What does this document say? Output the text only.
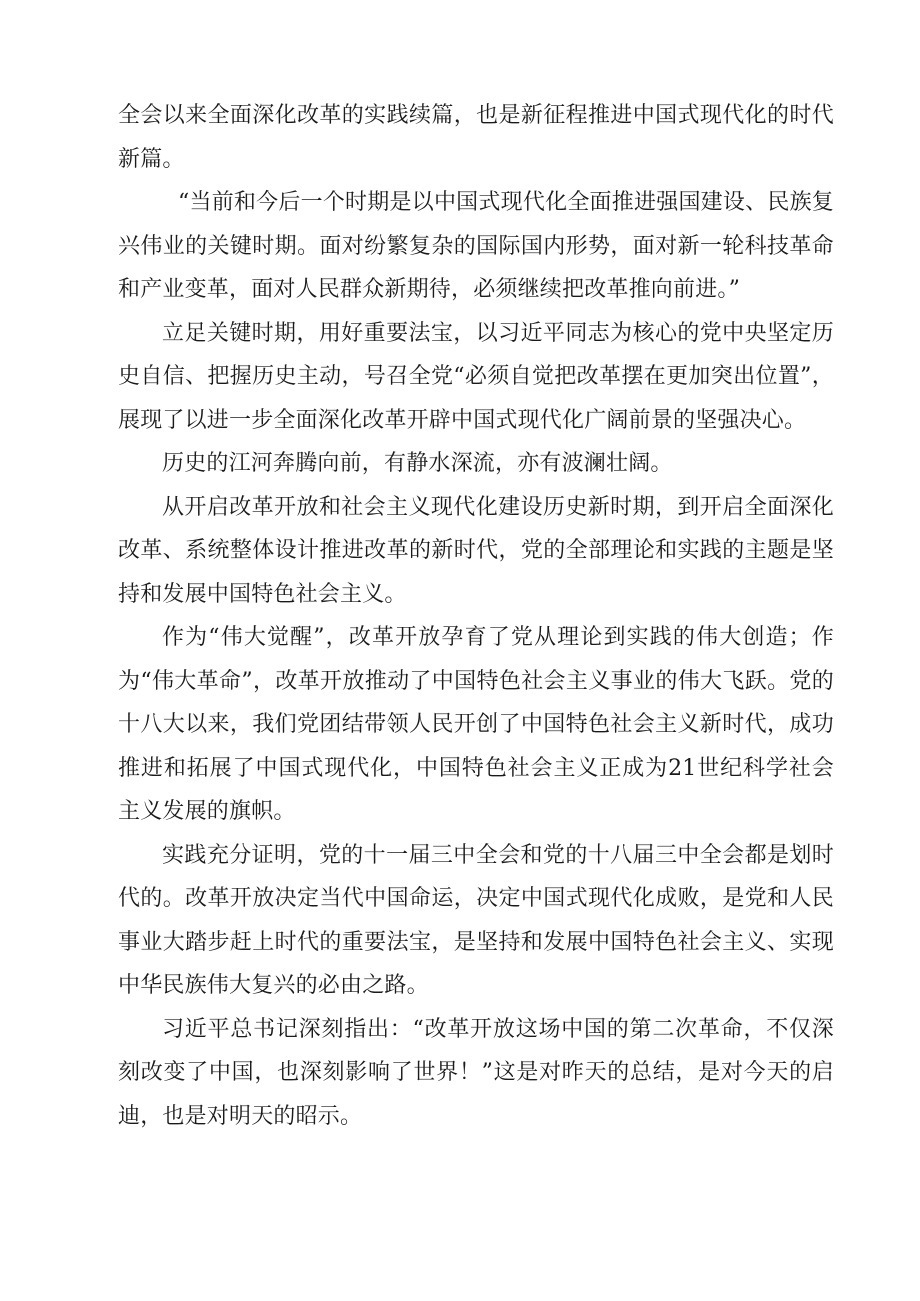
全会以来全面深化改革的实践续篇，也是新征程推进中国式现代化的时代新篇。

“当前和今后一个时期是以中国式现代化全面推进强国建设、民族复兴伟业的关键时期。面对纷繁复杂的国际国内形势，面对新一轮科技革命和产业变革，面对人民群众新期待，必须继续把改革推向前进。”

立足关键时期，用好重要法宝，以习近平同志为核心的党中央坚定历史自信、把握历史主动，号召全党“必须自觉把改革摆在更加突出位置”，展现了以进一步全面深化改革开辟中国式现代化广阔前景的坚强决心。

历史的江河奔腾向前，有静水深流，亦有波澜壮阔。

从开启改革开放和社会主义现代化建设历史新时期，到开启全面深化改革、系统整体设计推进改革的新时代，党的全部理论和实践的主题是坚持和发展中国特色社会主义。

作为“伟大觉醒”，改革开放孕育了党从理论到实践的伟大创造；作为“伟大革命”，改革开放推动了中国特色社会主义事业的伟大飞跃。党的十八大以来，我们党团结带领人民开创了中国特色社会主义新时代，成功推进和拓展了中国式现代化，中国特色社会主义正成为21世纪科学社会主义发展的旗帜。

实践充分证明，党的十一届三中全会和党的十八届三中全会都是划时代的。改革开放决定当代中国命运，决定中国式现代化成败，是党和人民事业大踏步赶上时代的重要法宝，是坚持和发展中国特色社会主义、实现中华民族伟大复兴的必由之路。

习近平总书记深刻指出：“改革开放这场中国的第二次革命，不仅深刻改变了中国，也深刻影响了世界！”这是对昨天的总结，是对今天的启迪，也是对明天的昭示。
